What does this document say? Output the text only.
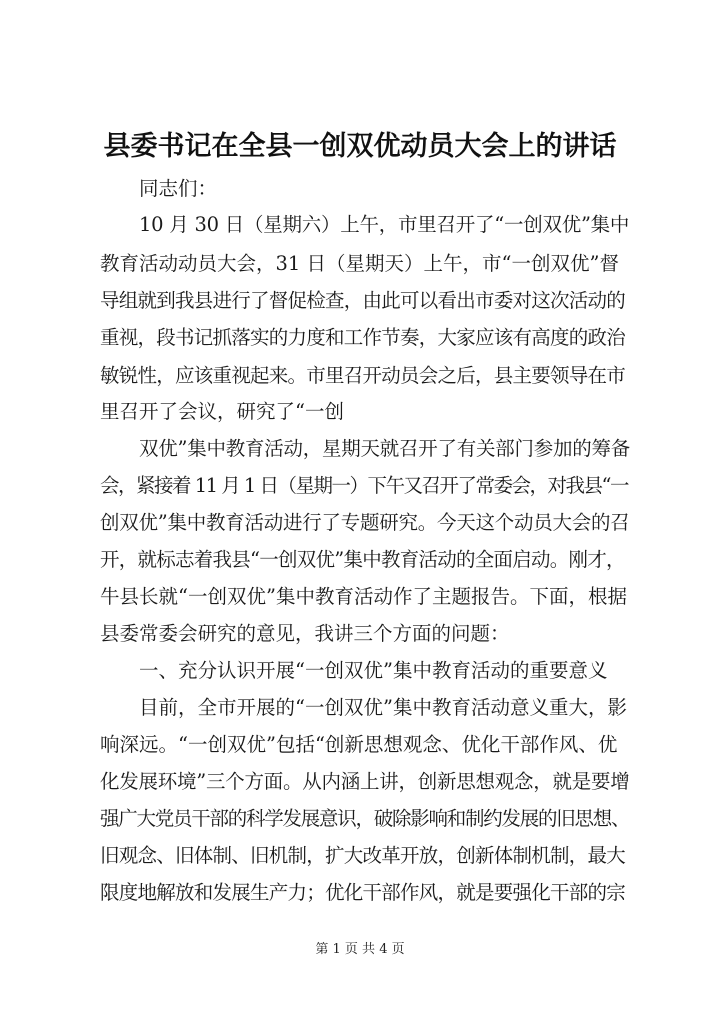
县委书记在全县一创双优动员大会上的讲话

同志们：

10 月 30 日（星期六）上午，市里召开了“一创双优”集中

教育活动动员大会，31 日（星期天）上午，市“一创双优”督

导组就到我县进行了督促检查，由此可以看出市委对这次活动的

重视，段书记抓落实的力度和工作节奏，大家应该有高度的政治

敏锐性，应该重视起来。市里召开动员会之后，县主要领导在市

里召开了会议，研究了“一创

双优”集中教育活动，星期天就召开了有关部门参加的筹备

会，紧接着 11 月 1 日（星期一）下午又召开了常委会，对我县“一

创双优”集中教育活动进行了专题研究。今天这个动员大会的召

开，就标志着我县“一创双优”集中教育活动的全面启动。刚才，

牛县长就“一创双优”集中教育活动作了主题报告。下面，根据

县委常委会研究的意见，我讲三个方面的问题：

一、充分认识开展“一创双优”集中教育活动的重要意义

目前，全市开展的“一创双优”集中教育活动意义重大，影

响深远。“一创双优”包括“创新思想观念、优化干部作风、优

化发展环境”三个方面。从内涵上讲，创新思想观念，就是要增

强广大党员干部的科学发展意识，破除影响和制约发展的旧思想、

旧观念、旧体制、旧机制，扩大改革开放，创新体制机制，最大

限度地解放和发展生产力；优化干部作风，就是要强化干部的宗

第 1 页 共 4 页
